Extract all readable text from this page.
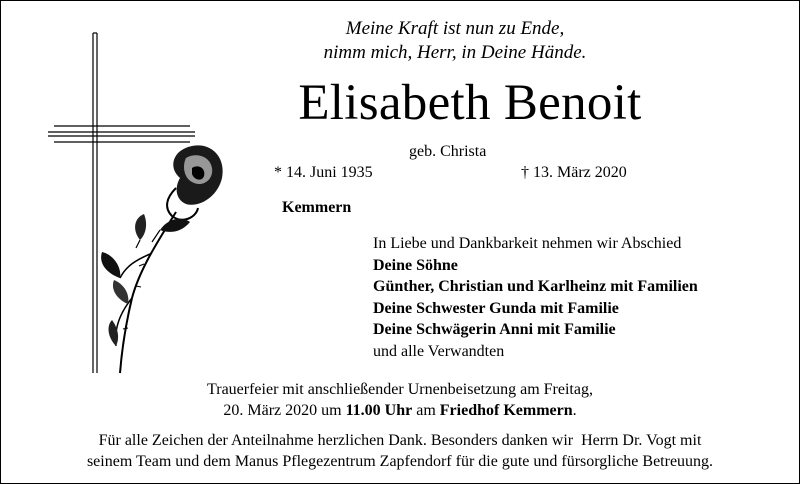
Meine Kraft ist nun zu Ende,
nimm mich, Herr, in Deine Hände.
Elisabeth Benoit
geb. Christa
* 14. Juni 1935	† 13. März 2020
Kemmern
In Liebe und Dankbarkeit nehmen wir Abschied
Deine Söhne
Günther, Christian und Karlheinz mit Familien
Deine Schwester Gunda mit Familie
Deine Schwägerin Anni mit Familie
und alle Verwandten
Trauerfeier mit anschließender Urnenbeisetzung am Freitag,
20. März 2020 um 11.00 Uhr am Friedhof Kemmern.
Für alle Zeichen der Anteilnahme herzlichen Dank. Besonders danken wir  Herrn Dr. Vogt mit
seinem Team und dem Manus Pflegezentrum Zapfendorf für die gute und fürsorgliche Betreuung.
